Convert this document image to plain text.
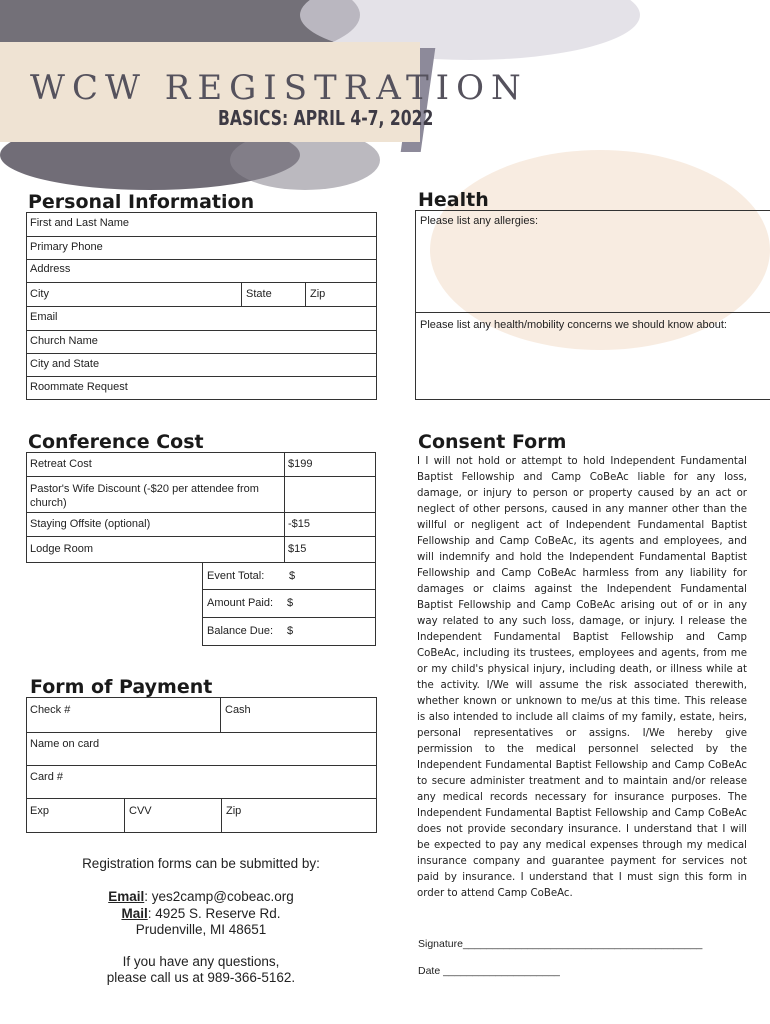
WCW REGISTRATION
BASICS: APRIL 4-7, 2022
Personal Information
First and Last Name
Primary Phone
Address
City	State	Zip
Email
Church Name
City and State
Roommate Request
Health
Please list any allergies:
Please list any health/mobility concerns we should know about:
Conference Cost
Retreat Cost	$199
Pastor's Wife Discount (-$20 per attendee from church)
Staying Offsite (optional)	-$15
Lodge Room	$15
Event Total: $
Amount Paid: $
Balance Due: $
Form of Payment
Check #	Cash
Name on card
Card #
Exp	CVV	Zip
Registration forms can be submitted by:
Email: yes2camp@cobeac.org
Mail: 4925 S. Reserve Rd.
Prudenville, MI 48651
If you have any questions,
please call us at 989-366-5162.
Consent Form
I I will not hold or attempt to hold Independent Fundamental Baptist Fellowship and Camp CoBeAc liable for any loss, damage, or injury to person or property caused by an act or neglect of other persons, caused in any manner other than the willful or negligent act of Independent Fundamental Baptist Fellowship and Camp CoBeAc, its agents and employees, and will indemnify and hold the Independent Fundamental Baptist Fellowship and Camp CoBeAc harmless from any liability for damages or claims against the Independent Fundamental Baptist Fellowship and Camp CoBeAc arising out of or in any way related to any such loss, damage, or injury. I release the Independent Fundamental Baptist Fellowship and Camp CoBeAc, including its trustees, employees and agents, from me or my child's physical injury, including death, or illness while at the activity. I/We will assume the risk associated therewith, whether known or unknown to me/us at this time. This release is also intended to include all claims of my family, estate, heirs, personal representatives or assigns. I/We hereby give permission to the medical personnel selected by the Independent Fundamental Baptist Fellowship and Camp CoBeAc to secure administer treatment and to maintain and/or release any medical records necessary for insurance purposes. The Independent Fundamental Baptist Fellowship and Camp CoBeAc does not provide secondary insurance. I understand that I will be expected to pay any medical expenses through my medical insurance company and guarantee payment for services not paid by insurance. I understand that I must sign this form in order to attend Camp CoBeAc.
Signature_________________________________________
Date ____________________
